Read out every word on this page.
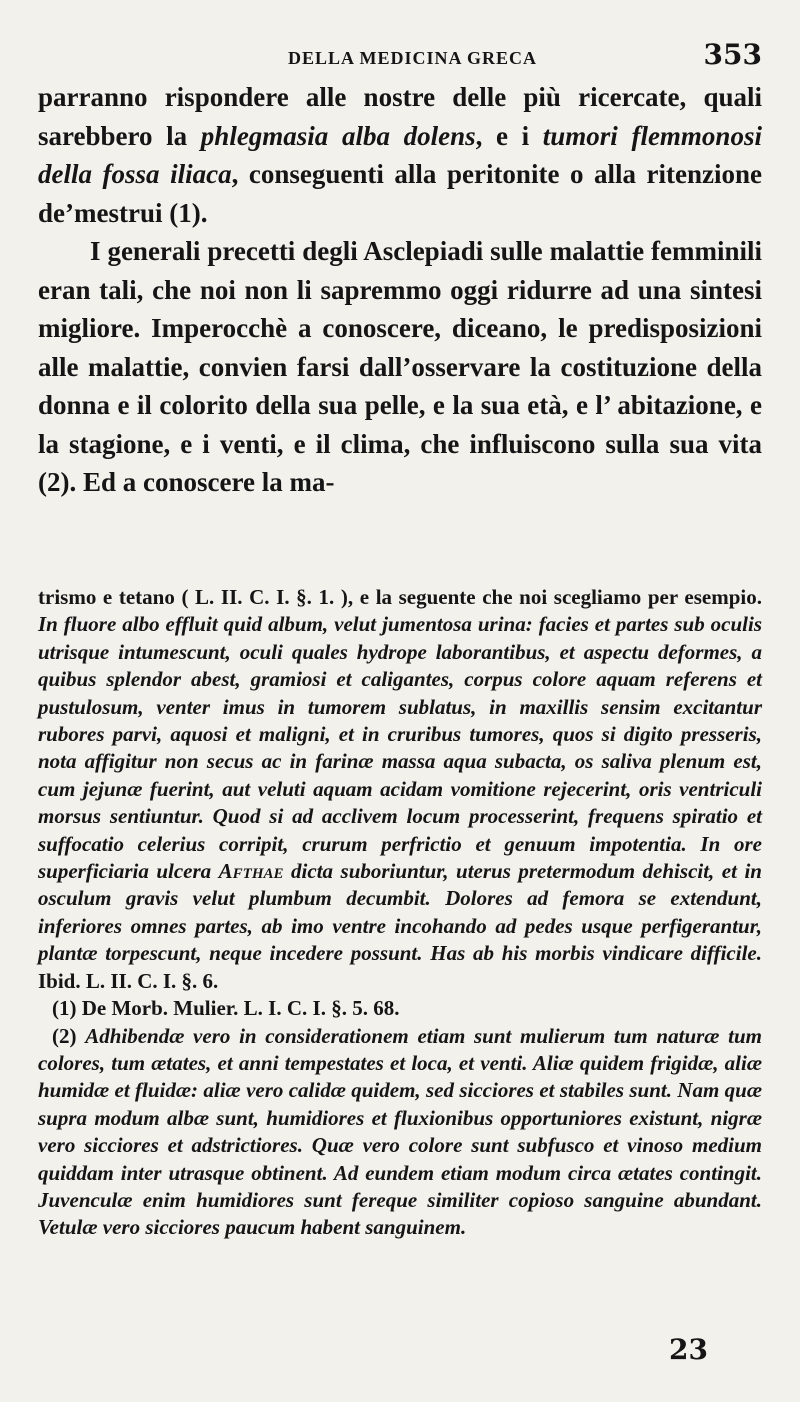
DELLA MEDICINA GRECA	353

parranno rispondere alle nostre delle più ricercate, quali sarebbero la phlegmasia alba dolens, e i tumori flemmonosi della fossa iliaca, conseguenti alla peritonite o alla ritenzione de’mestrui (1).

I generali precetti degli Asclepiadi sulle malattie femminili eran tali, che noi non li sapremmo oggi ridurre ad una sintesi migliore. Imperocchè a conoscere, diceano, le predisposizioni alle malattie, convien farsi dall’osservare la costituzione della donna e il colorito della sua pelle, e la sua età, e l’ abitazione, e la stagione, e i venti, e il clima, che influiscono sulla sua vita (2). Ed a conoscere la ma-

trismo e tetano ( L. II. C. I. §. 1. ), e la seguente che noi scegliamo per esempio. In fluore albo effluit quid album, velut jumentosa urina: facies et partes sub oculis utrisque intumescunt, oculi quales hydrope laborantibus, et aspectu deformes, a quibus splendor abest, gramiosi et caligantes, corpus colore aquam referens et pustulosum, venter imus in tumorem sublatus, in maxillis sensim excitantur rubores parvi, aquosi et maligni, et in cruribus tumores, quos si digito presseris, nota affigitur non secus ac in farinæ massa aqua subacta, os saliva plenum est, cum jejunæ fuerint, aut veluti aquam acidam vomitione rejecerint, oris ventriculi morsus sentiuntur. Quod si ad acclivem locum processerint, frequens spiratio et suffocatio celerius corripit, crurum perfrictio et genuum impotentia. In ore superficiaria ulcera Afthae dicta suboriuntur, uterus pretermodum dehiscit, et in osculum gravis velut plumbum decumbit. Dolores ad femora se extendunt, inferiores omnes partes, ab imo ventre incohando ad pedes usque perfigerantur, plantæ torpescunt, neque incedere possunt. Has ab his morbis vindicare difficile. Ibid. L. II. C. I. §. 6.

(1) De Morb. Mulier. L. I. C. I. §. 5. 68.

(2) Adhibendæ vero in considerationem etiam sunt mulierum tum naturæ tum colores, tum ætates, et anni tempestates et loca, et venti. Aliæ quidem frigidæ, aliæ humidæ et fluidæ: aliæ vero calidæ quidem, sed sicciores et stabiles sunt. Nam quæ supra modum albæ sunt, humidiores et fluxionibus opportuniores existunt, nigræ vero sicciores et adstrictiores. Quæ vero colore sunt subfusco et vinoso medium quiddam inter utrasque obtinent. Ad eundem etiam modum circa ætates contingit. Juvenculæ enim humidiores sunt fereque similiter copioso sanguine abundant. Vetulæ vero sicciores paucum habent sanguinem.

23
